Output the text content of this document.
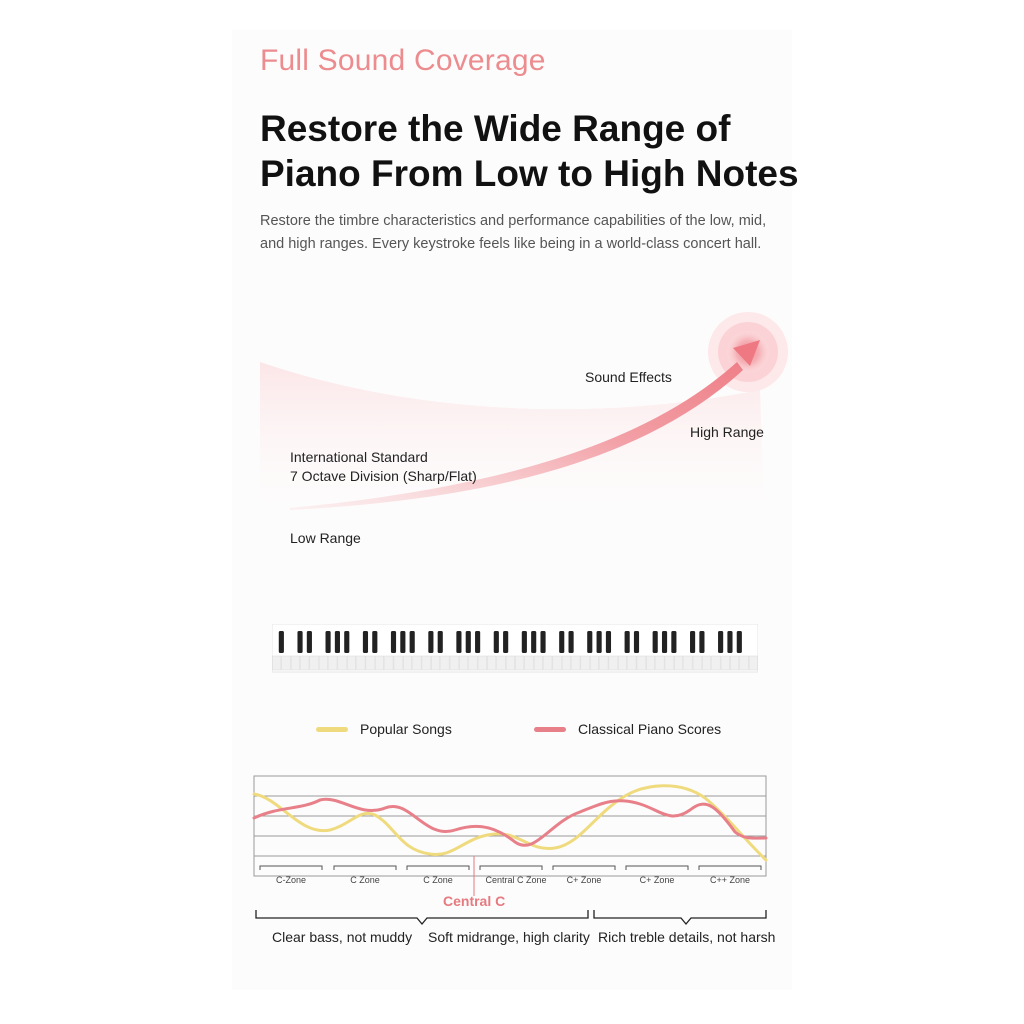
Full Sound Coverage
Restore the Wide Range of
Piano From Low to High Notes
Restore the timbre characteristics and performance capabilities of the low, mid, and high ranges. Every keystroke feels like being in a world-class concert hall.
Sound Effects
High Range
International Standard
7 Octave Division (Sharp/Flat)
Low Range
Popular Songs	Classical Piano Scores
C-Zone	C Zone	C Zone	Central C Zone	C+ Zone	C+ Zone	C++ Zone
Central C
Clear bass, not muddy Soft midrange, high clarity Rich treble details, not harsh
